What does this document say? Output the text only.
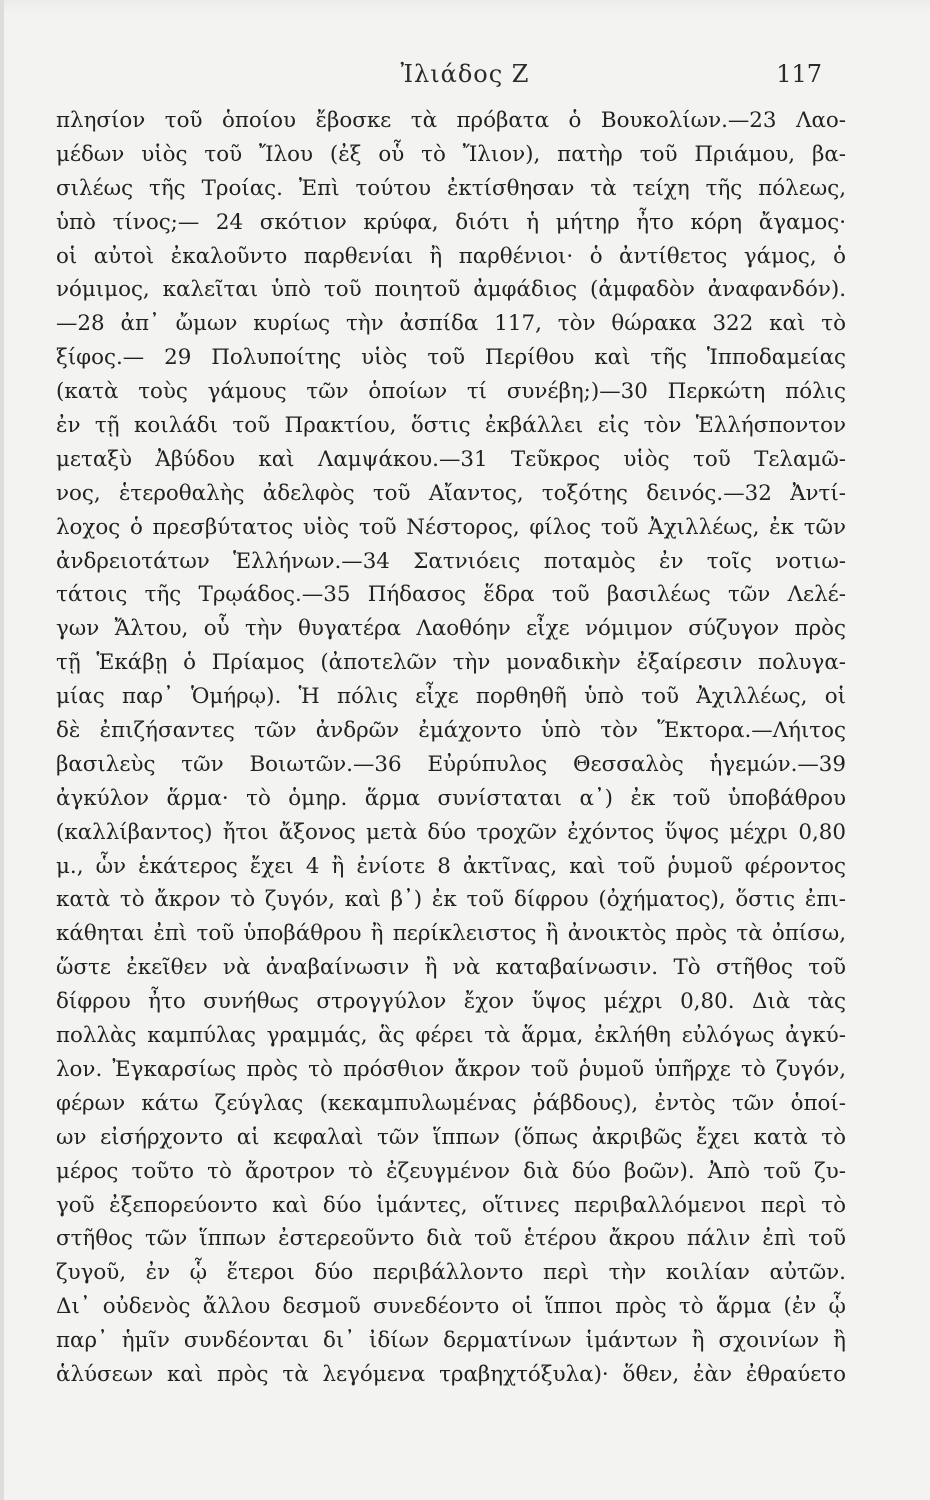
Ἰλιάδος Ζ	117
πλησίον τοῦ ὁποίου ἔβοσκε τὰ πρόβατα ὁ Βουκολίων.—23 Λαο-
μέδων υἱὸς τοῦ Ἴλου (ἐξ οὗ τὸ Ἴλιον), πατὴρ τοῦ Πριάμου, βα-
σιλέως τῆς Τροίας. Ἐπὶ τούτου ἐκτίσθησαν τὰ τείχη τῆς πόλεως,
ὑπὸ τίνος;— 24 σκότιον κρύφα, διότι ἡ μήτηρ ἦτο κόρη ἄγαμος·
οἱ αὐτοὶ ἐκαλοῦντο παρθενίαι ἢ παρθένιοι· ὁ ἀντίθετος γάμος, ὁ
νόμιμος, καλεῖται ὑπὸ τοῦ ποιητοῦ ἀμφάδιος (ἀμφαδὸν ἀναφανδόν).
—28 ἀπ᾿ ὤμων κυρίως τὴν ἀσπίδα 117, τὸν θώρακα 322 καὶ τὸ
ξίφος.— 29 Πολυποίτης υἱὸς τοῦ Περίθου καὶ τῆς Ἱπποδαμείας
(κατὰ τοὺς γάμους τῶν ὁποίων τί συνέβη;)—30 Περκώτη πόλις
ἐν τῇ κοιλάδι τοῦ Πρακτίου, ὅστις ἐκβάλλει εἰς τὸν Ἑλλήσποντον
μεταξὺ Ἀβύδου καὶ Λαμψάκου.—31 Τεῦκρος υἱὸς τοῦ Τελαμῶ-
νος, ἑτεροθαλὴς ἀδελφὸς τοῦ Αἴαντος, τοξότης δεινός.—32 Ἀντί-
λοχος ὁ πρεσβύτατος υἱὸς τοῦ Νέστορος, φίλος τοῦ Ἀχιλλέως, ἐκ τῶν
ἀνδρειοτάτων Ἑλλήνων.—34 Σατνιόεις ποταμὸς ἐν τοῖς νοτιω-
τάτοις τῆς Τρῳάδος.—35 Πήδασος ἕδρα τοῦ βασιλέως τῶν Λελέ-
γων Ἄλτου, οὗ τὴν θυγατέρα Λαοθόην εἶχε νόμιμον σύζυγον πρὸς
τῇ Ἑκάβῃ ὁ Πρίαμος (ἀποτελῶν τὴν μοναδικὴν ἐξαίρεσιν πολυγα-
μίας παρ᾿ Ὁμήρῳ). Ἡ πόλις εἶχε πορθηθῆ ὑπὸ τοῦ Ἀχιλλέως, οἱ
δὲ ἐπιζήσαντες τῶν ἀνδρῶν ἐμάχοντο ὑπὸ τὸν Ἕκτορα.—Λήιτος
βασιλεὺς τῶν Βοιωτῶν.—36 Εὐρύπυλος Θεσσαλὸς ἡγεμών.—39
ἀγκύλον ἅρμα· τὸ ὁμηρ. ἅρμα συνίσταται α᾿) ἐκ τοῦ ὑποβάθρου
(καλλίβαντος) ἤτοι ἄξονος μετὰ δύο τροχῶν ἐχόντος ὕψος μέχρι 0,80
μ., ὧν ἑκάτερος ἔχει 4 ἢ ἐνίοτε 8 ἀκτῖνας, καὶ τοῦ ῥυμοῦ φέροντος
κατὰ τὸ ἄκρον τὸ ζυγόν, καὶ β᾿) ἐκ τοῦ δίφρου (ὀχήματος), ὅστις ἐπι-
κάθηται ἐπὶ τοῦ ὑποβάθρου ἢ περίκλειστος ἢ ἀνοικτὸς πρὸς τὰ ὀπίσω,
ὥστε ἐκεῖθεν νὰ ἀναβαίνωσιν ἢ νὰ καταβαίνωσιν. Τὸ στῆθος τοῦ
δίφρου ἦτο συνήθως στρογγύλον ἔχον ὕψος μέχρι 0,80. Διὰ τὰς
πολλὰς καμπύλας γραμμάς, ἃς φέρει τὰ ἅρμα, ἐκλήθη εὐλόγως ἀγκύ-
λον. Ἐγκαρσίως πρὸς τὸ πρόσθιον ἄκρον τοῦ ῥυμοῦ ὑπῆρχε τὸ ζυγόν,
φέρων κάτω ζεύγλας (κεκαμπυλωμένας ῥάβδους), ἐντὸς τῶν ὁποί-
ων εἰσήρχοντο αἱ κεφαλαὶ τῶν ἵππων (ὅπως ἀκριβῶς ἔχει κατὰ τὸ
μέρος τοῦτο τὸ ἄροτρον τὸ ἐζευγμένον διὰ δύο βοῶν). Ἀπὸ τοῦ ζυ-
γοῦ ἐξεπορεύοντο καὶ δύο ἱμάντες, οἵτινες περιβαλλόμενοι περὶ τὸ
στῆθος τῶν ἵππων ἐστερεοῦντο διὰ τοῦ ἑτέρου ἄκρου πάλιν ἐπὶ τοῦ
ζυγοῦ, ἐν ᾧ ἕτεροι δύο περιβάλλοντο περὶ τὴν κοιλίαν αὐτῶν.
Δι᾿ οὐδενὸς ἄλλου δεσμοῦ συνεδέοντο οἱ ἵπποι πρὸς τὸ ἅρμα (ἐν ᾧ
παρ᾿ ἡμῖν συνδέονται δι᾿ ἰδίων δερματίνων ἱμάντων ἢ σχοινίων ἢ
ἁλύσεων καὶ πρὸς τὰ λεγόμενα τραβηχτόξυλα)· ὅθεν, ἐὰν ἐθραύετο
